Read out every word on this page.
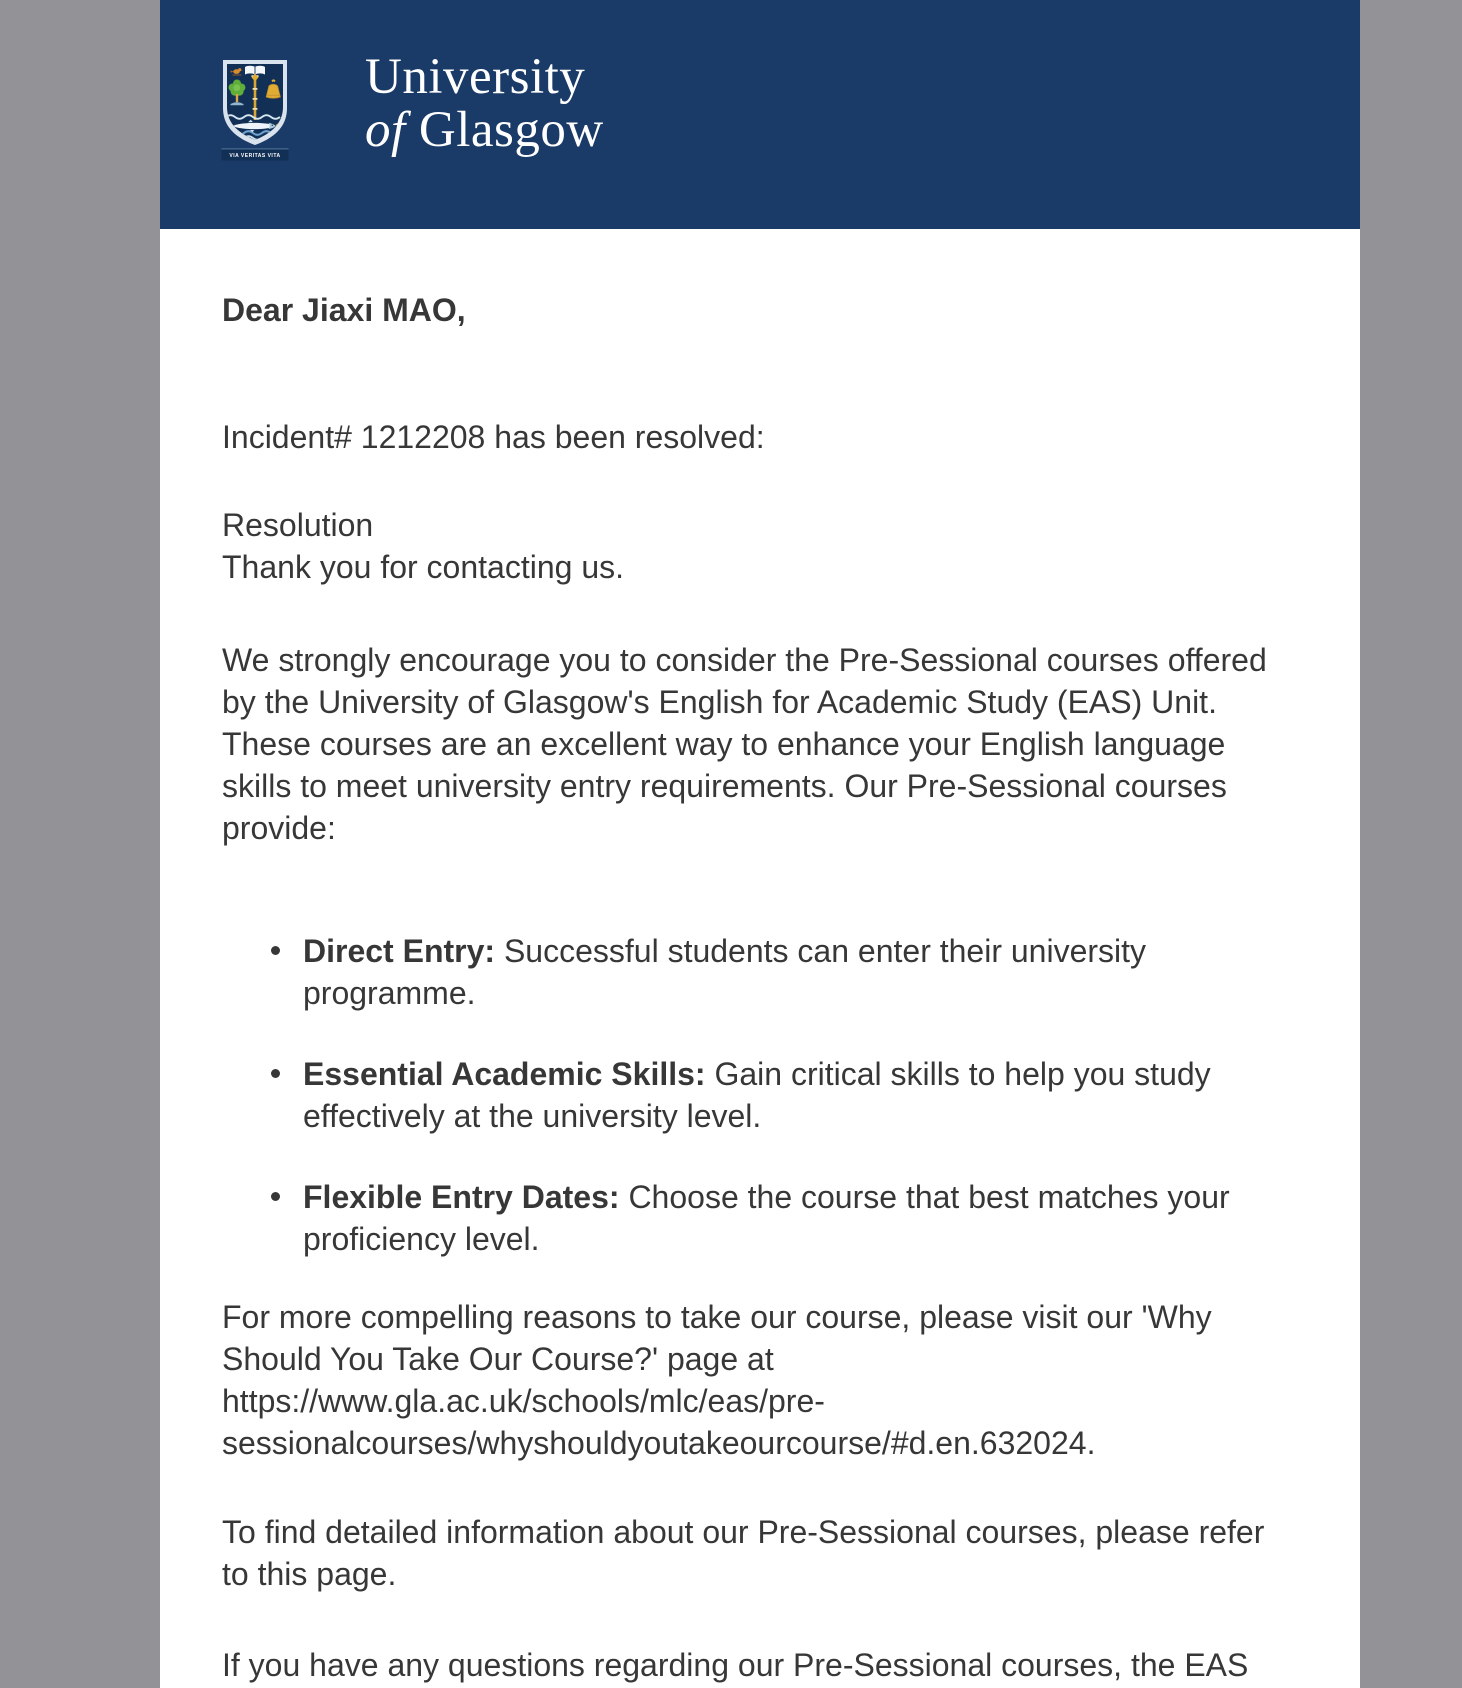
VIA VERITAS VITA
University
of Glasgow

Dear Jiaxi MAO,

Incident# 1212208 has been resolved:

Resolution
Thank you for contacting us.

We strongly encourage you to consider the Pre-Sessional courses offered by the University of Glasgow's English for Academic Study (EAS) Unit. These courses are an excellent way to enhance your English language skills to meet university entry requirements. Our Pre-Sessional courses provide:

Direct Entry: Successful students can enter their university programme.
Essential Academic Skills: Gain critical skills to help you study effectively at the university level.
Flexible Entry Dates: Choose the course that best matches your proficiency level.

For more compelling reasons to take our course, please visit our 'Why Should You Take Our Course?' page at https://www.gla.ac.uk/schools/mlc/eas/pre-sessionalcourses/whyshouldyoutakeourcourse/#d.en.632024.

To find detailed information about our Pre-Sessional courses, please refer to this page.

If you have any questions regarding our Pre-Sessional courses, the EAS
